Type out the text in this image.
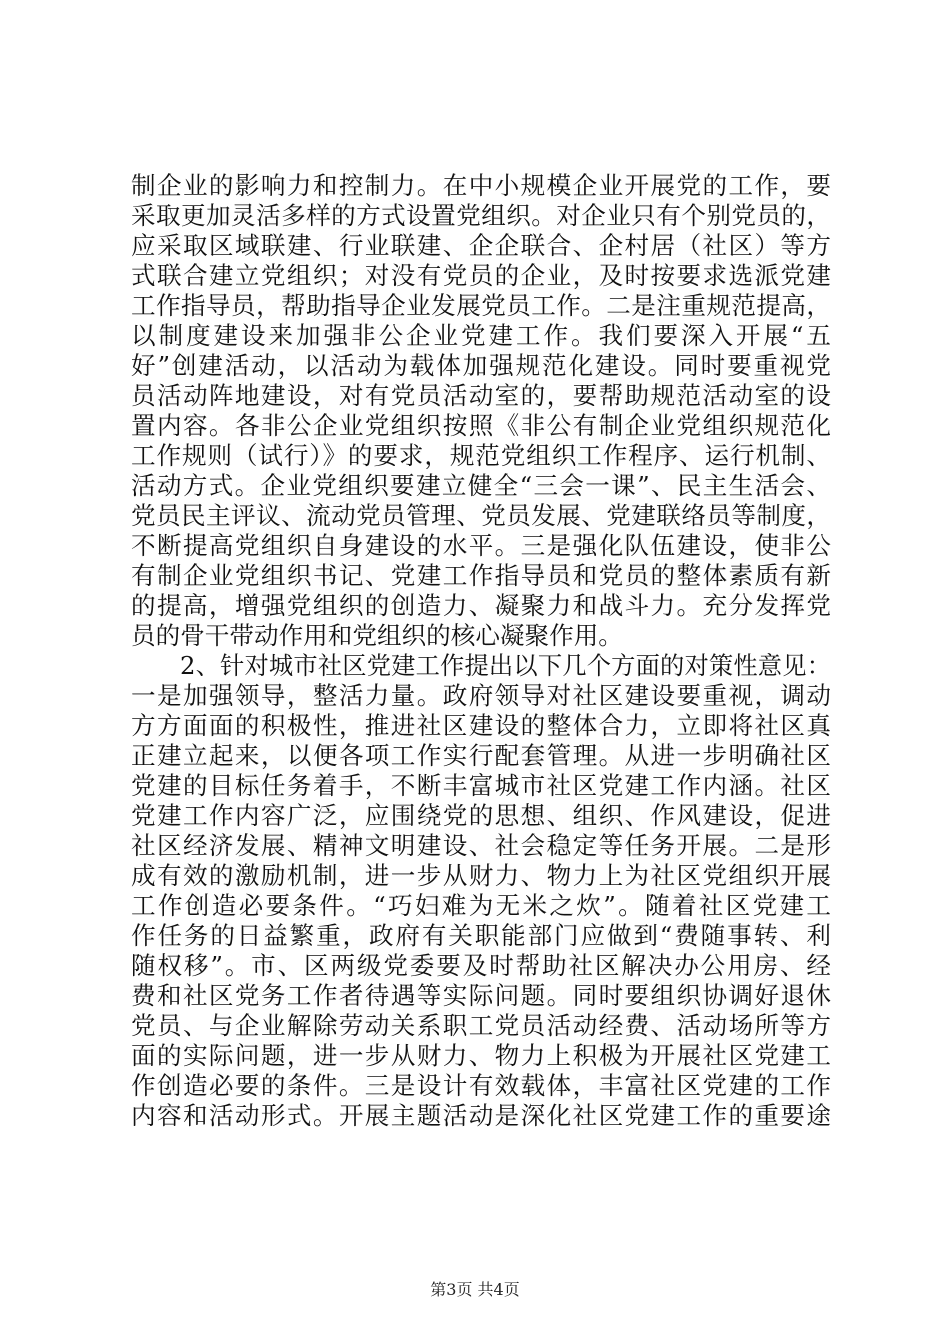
制企业的影响力和控制力。在中小规模企业开展党的工作，要
采取更加灵活多样的方式设置党组织。对企业只有个别党员的，
应采取区域联建、行业联建、企企联合、企村居（社区）等方
式联合建立党组织；对没有党员的企业，及时按要求选派党建
工作指导员，帮助指导企业发展党员工作。二是注重规范提高，
以制度建设来加强非公企业党建工作。我们要深入开展“五
好”创建活动，以活动为载体加强规范化建设。同时要重视党
员活动阵地建设，对有党员活动室的，要帮助规范活动室的设
置内容。各非公企业党组织按照《非公有制企业党组织规范化
工作规则（试行）》的要求，规范党组织工作程序、运行机制、
活动方式。企业党组织要建立健全“三会一课”、民主生活会、
党员民主评议、流动党员管理、党员发展、党建联络员等制度，
不断提高党组织自身建设的水平。三是强化队伍建设，使非公
有制企业党组织书记、党建工作指导员和党员的整体素质有新
的提高，增强党组织的创造力、凝聚力和战斗力。充分发挥党
员的骨干带动作用和党组织的核心凝聚作用。
2、针对城市社区党建工作提出以下几个方面的对策性意见：
一是加强领导，整活力量。政府领导对社区建设要重视，调动
方方面面的积极性，推进社区建设的整体合力，立即将社区真
正建立起来，以便各项工作实行配套管理。从进一步明确社区
党建的目标任务着手，不断丰富城市社区党建工作内涵。社区
党建工作内容广泛，应围绕党的思想、组织、作风建设，促进
社区经济发展、精神文明建设、社会稳定等任务开展。二是形
成有效的激励机制，进一步从财力、物力上为社区党组织开展
工作创造必要条件。“巧妇难为无米之炊”。随着社区党建工
作任务的日益繁重，政府有关职能部门应做到“费随事转、利
随权移”。市、区两级党委要及时帮助社区解决办公用房、经
费和社区党务工作者待遇等实际问题。同时要组织协调好退休
党员、与企业解除劳动关系职工党员活动经费、活动场所等方
面的实际问题，进一步从财力、物力上积极为开展社区党建工
作创造必要的条件。三是设计有效载体，丰富社区党建的工作
内容和活动形式。开展主题活动是深化社区党建工作的重要途
第3页 共4页
